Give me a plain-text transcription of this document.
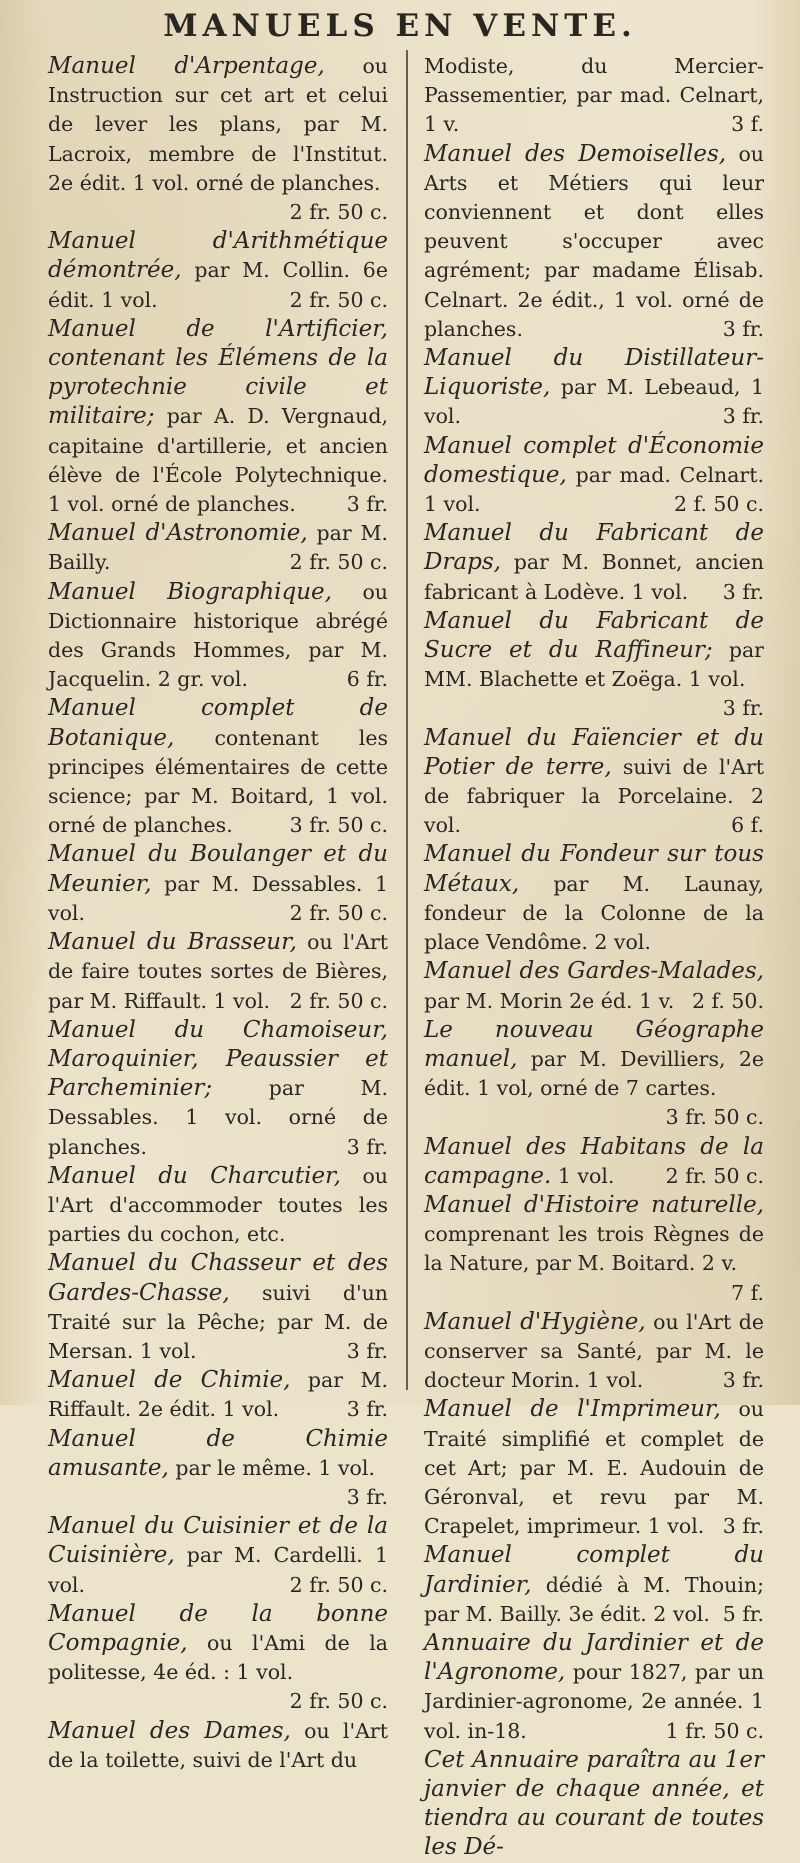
MANUELS EN VENTE.

Manuel d'Arpentage, ou Instruction sur cet art et celui de lever les plans, par M. Lacroix, membre de l'Institut. 2e édit. 1 vol. orné de planches.
2 fr. 50 c.

Manuel d'Arithmétique démontrée, par M. Collin. 6e édit. 1 vol.	2 fr. 50 c.

Manuel de l'Artificier, contenant les Élémens de la pyrotechnie civile et militaire; par A. D. Vergnaud, capitaine d'artillerie, et ancien élève de l'École Polytechnique. 1 vol. orné de planches. 3 fr.

Manuel d'Astronomie, par M. Bailly.	2 fr. 50 c.

Manuel Biographique, ou Dictionnaire historique abrégé des Grands Hommes, par M. Jacquelin. 2 gr. vol.	6 fr.

Manuel complet de Botanique, contenant les principes élémentaires de cette science; par M. Boitard, 1 vol. orné de planches.	3 fr. 50 c.

Manuel du Boulanger et du Meunier, par M. Dessables. 1 vol.	2 fr. 50 c.

Manuel du Brasseur, ou l'Art de faire toutes sortes de Bières, par M. Riffault. 1 vol. 2 fr. 50 c.

Manuel du Chamoiseur, Maroquinier, Peaussier et Parcheminier;	par M. Dessables. 1 vol. orné de planches.	3 fr.

Manuel du Charcutier, ou l'Art d'accommoder toutes les parties du cochon, etc.

Manuel du Chasseur et des Gardes-Chasse, suivi d'un Traité sur la Pêche; par M. de Mersan. 1 vol.	3 fr.

Manuel de Chimie, par M. Riffault. 2e édit. 1 vol.	3 fr.

Manuel de Chimie amusante, par le même. 1 vol.
3 fr.

Manuel du Cuisinier et de la Cuisinière, par M. Cardelli. 1 vol.	2 fr. 50 c.

Manuel de la bonne Compagnie, ou l'Ami de la politesse, 4e éd. : 1 vol.
2 fr. 50 c.

Manuel des Dames, ou l'Art de la toilette, suivi de l'Art du

Modiste, du Mercier-Passementier, par mad. Celnart, 1 v.	3 f.

Manuel des Demoiselles, ou Arts et Métiers qui leur conviennent et dont elles peuvent s'occuper avec agrément; par madame Élisab. Celnart. 2e édit., 1 vol. orné de planches.	3 fr.

Manuel du Distillateur-Liquoriste, par M. Lebeaud, 1 vol.	3 fr.

Manuel complet d'Économie domestique, par mad. Celnart. 1 vol.	2 f. 50 c.

Manuel du Fabricant de Draps, par M. Bonnet, ancien fabricant à Lodève. 1 vol. 3 fr.

Manuel du Fabricant de Sucre et du Raffineur; par MM. Blachette et Zoëga. 1 vol.
3 fr.

Manuel du Faïencier et du Potier de terre, suivi de l'Art de fabriquer la Porcelaine. 2 vol.	6 f.

Manuel du Fondeur sur tous Métaux, par M. Launay, fondeur de la Colonne de la place Vendôme. 2 vol.

Manuel des Gardes-Malades, par M. Morin 2e éd. 1 v. 2 f. 50.

Le nouveau Géographe manuel, par M. Devilliers, 2e édit. 1 vol, orné de 7 cartes.
3 fr. 50 c.

Manuel des Habitans de la campagne. 1 vol.	2 fr. 50 c.

Manuel d'Histoire naturelle, comprenant les trois Règnes de la Nature, par M. Boitard. 2 v.
7 f.

Manuel d'Hygiène, ou l'Art de conserver sa Santé, par M. le docteur Morin. 1 vol.	3 fr.

Manuel de l'Imprimeur, ou Traité simplifié et complet de cet Art; par M. E. Audouin de Géronval, et revu par M. Crapelet, imprimeur. 1 vol. 3 fr.

Manuel complet du Jardinier, dédié à M. Thouin; par M. Bailly. 3e édit. 2 vol. 5 fr.

Annuaire du Jardinier et de l'Agronome, pour 1827, par un Jardinier-agronome, 2e année. 1 vol. in-18.	1 fr. 50 c.

Cet Annuaire paraîtra au 1er janvier de chaque année, et tiendra au courant de toutes les Dé-
